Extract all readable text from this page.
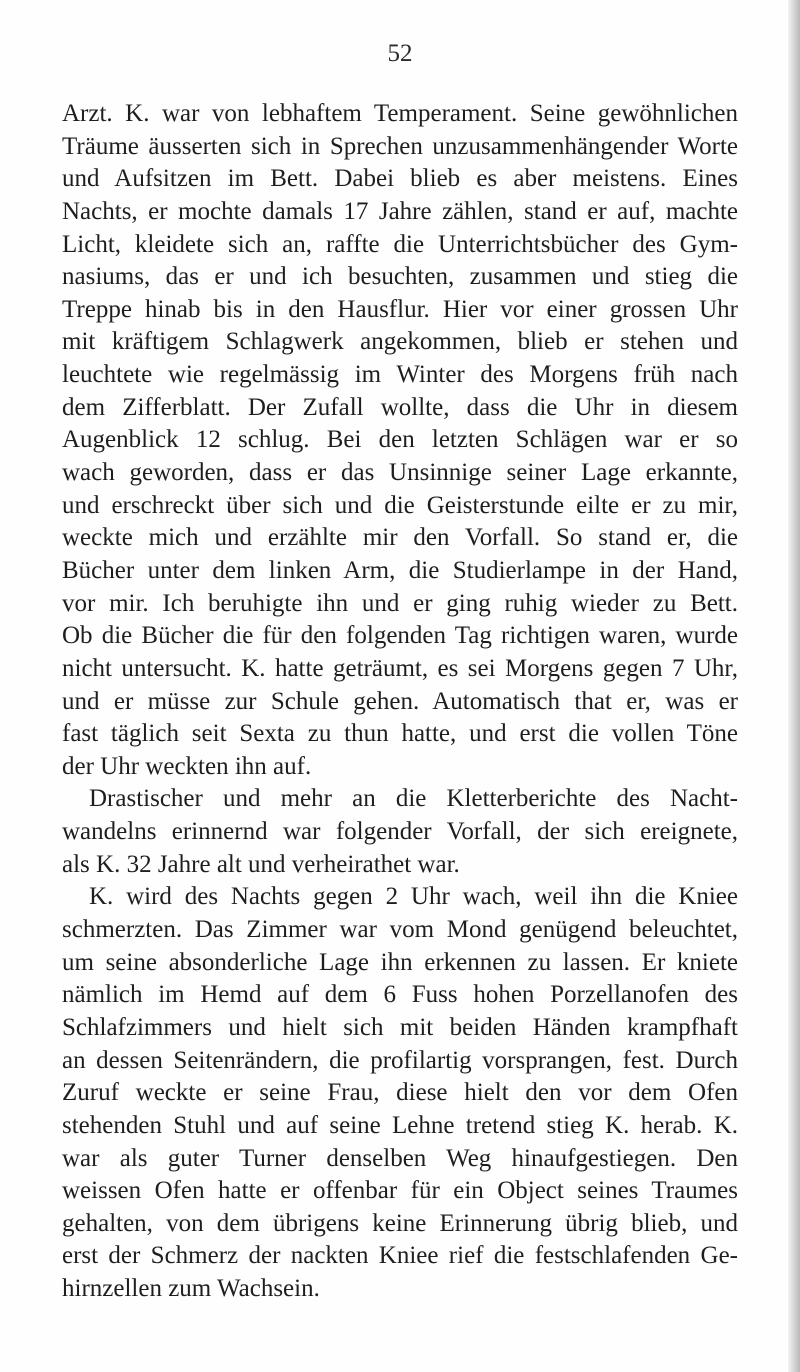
52
Arzt. K. war von lebhaftem Temperament. Seine gewöhnlichen
Träume äusserten sich in Sprechen unzusammenhängender Worte
und Aufsitzen im Bett. Dabei blieb es aber meistens. Eines
Nachts, er mochte damals 17 Jahre zählen, stand er auf, machte
Licht, kleidete sich an, raffte die Unterrichtsbücher des Gym-
nasiums, das er und ich besuchten, zusammen und stieg die
Treppe hinab bis in den Hausflur. Hier vor einer grossen Uhr
mit kräftigem Schlagwerk angekommen, blieb er stehen und
leuchtete wie regelmässig im Winter des Morgens früh nach
dem Zifferblatt. Der Zufall wollte, dass die Uhr in diesem
Augenblick 12 schlug. Bei den letzten Schlägen war er so
wach geworden, dass er das Unsinnige seiner Lage erkannte,
und erschreckt über sich und die Geisterstunde eilte er zu mir,
weckte mich und erzählte mir den Vorfall. So stand er, die
Bücher unter dem linken Arm, die Studierlampe in der Hand,
vor mir. Ich beruhigte ihn und er ging ruhig wieder zu Bett.
Ob die Bücher die für den folgenden Tag richtigen waren, wurde
nicht untersucht. K. hatte geträumt, es sei Morgens gegen 7 Uhr,
und er müsse zur Schule gehen. Automatisch that er, was er
fast täglich seit Sexta zu thun hatte, und erst die vollen Töne
der Uhr weckten ihn auf.
Drastischer und mehr an die Kletterberichte des Nacht-
wandelns erinnernd war folgender Vorfall, der sich ereignete,
als K. 32 Jahre alt und verheirathet war.
K. wird des Nachts gegen 2 Uhr wach, weil ihn die Kniee
schmerzten. Das Zimmer war vom Mond genügend beleuchtet,
um seine absonderliche Lage ihn erkennen zu lassen. Er kniete
nämlich im Hemd auf dem 6 Fuss hohen Porzellanofen des
Schlafzimmers und hielt sich mit beiden Händen krampfhaft
an dessen Seitenrändern, die profilartig vorsprangen, fest. Durch
Zuruf weckte er seine Frau, diese hielt den vor dem Ofen
stehenden Stuhl und auf seine Lehne tretend stieg K. herab. K.
war als guter Turner denselben Weg hinaufgestiegen. Den
weissen Ofen hatte er offenbar für ein Object seines Traumes
gehalten, von dem übrigens keine Erinnerung übrig blieb, und
erst der Schmerz der nackten Kniee rief die festschlafenden Ge-
hirnzellen zum Wachsein.
